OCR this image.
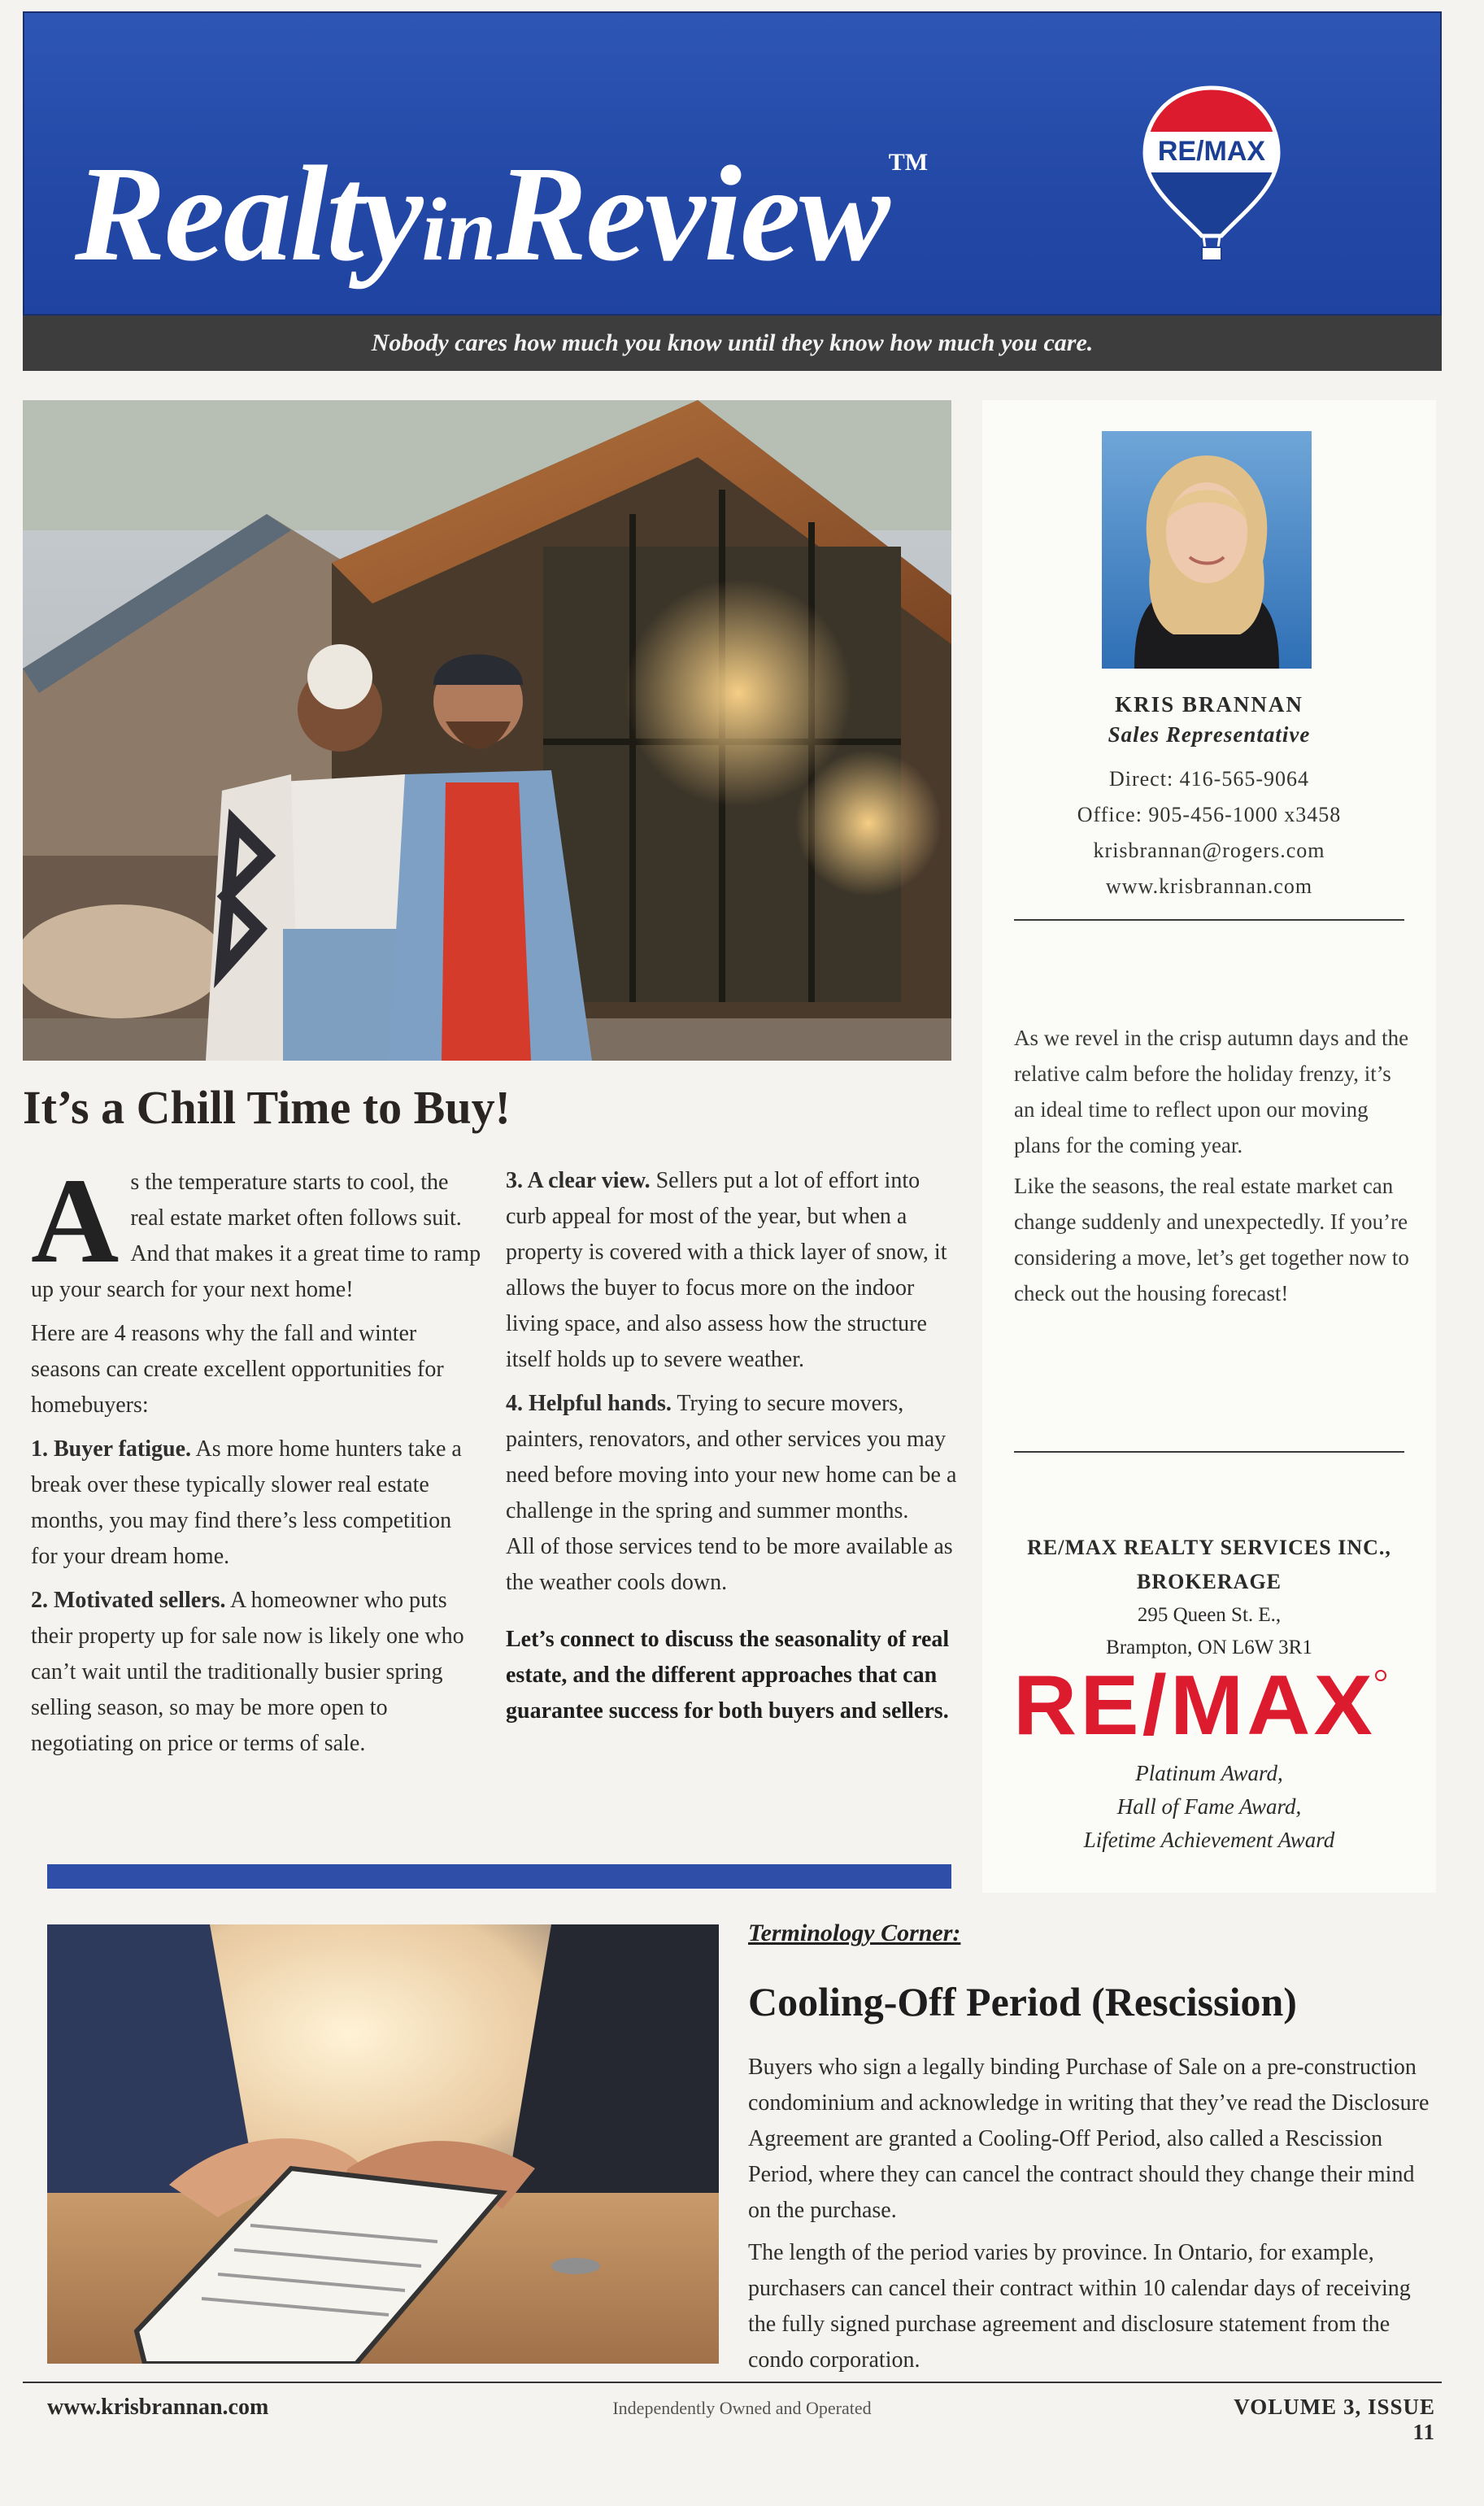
RealtyinReview™	RE/MAX
Nobody cares how much you know until they know how much you care.
KRIS BRANNAN
Sales Representative
Direct: 416-565-9064
Office: 905-456-1000 x3458
krisbrannan@rogers.com
www.krisbrannan.com

As we revel in the crisp autumn days and the relative calm before the holiday frenzy, it’s an ideal time to reflect upon our moving plans for the coming year.

Like the seasons, the real estate market can change suddenly and unexpectedly. If you’re considering a move, let’s get together now to check out the housing forecast!

RE/MAX REALTY SERVICES INC.,
BROKERAGE
295 Queen St. E.,
Brampton, ON L6W 3R1
RE/MAX
Platinum Award,
Hall of Fame Award,
Lifetime Achievement Award
It’s a Chill Time to Buy!

As the temperature starts to cool, the real estate market often follows suit. And that makes it a great time to ramp up your search for your next home!

Here are 4 reasons why the fall and winter seasons can create excellent opportunities for homebuyers:

1. Buyer fatigue. As more home hunters take a break over these typically slower real estate months, you may find there’s less competition for your dream home.

2. Motivated sellers. A homeowner who puts their property up for sale now is likely one who can’t wait until the traditionally busier spring selling season, so may be more open to negotiating on price or terms of sale.

3. A clear view. Sellers put a lot of effort into curb appeal for most of the year, but when a property is covered with a thick layer of snow, it allows the buyer to focus more on the indoor living space, and also assess how the structure itself holds up to severe weather.

4. Helpful hands. Trying to secure movers, painters, renovators, and other services you may need before moving into your new home can be a challenge in the spring and summer months.
All of those services tend to be more available as the weather cools down.

Let’s connect to discuss the seasonality of real estate, and the different approaches that can guarantee success for both buyers and sellers.

Terminology Corner:
Cooling-Off Period (Rescission)

Buyers who sign a legally binding Purchase of Sale on a pre-construction condominium and acknowledge in writing that they’ve read the Disclosure Agreement are granted a Cooling-Off Period, also called a Rescission Period, where they can cancel the contract should they change their mind on the purchase.

The length of the period varies by province. In Ontario, for example, purchasers can cancel their contract within 10 calendar days of receiving the fully signed purchase agreement and disclosure statement from the condo corporation.

www.krisbrannan.com	Independently Owned and Operated	VOLUME 3, ISSUE 11
